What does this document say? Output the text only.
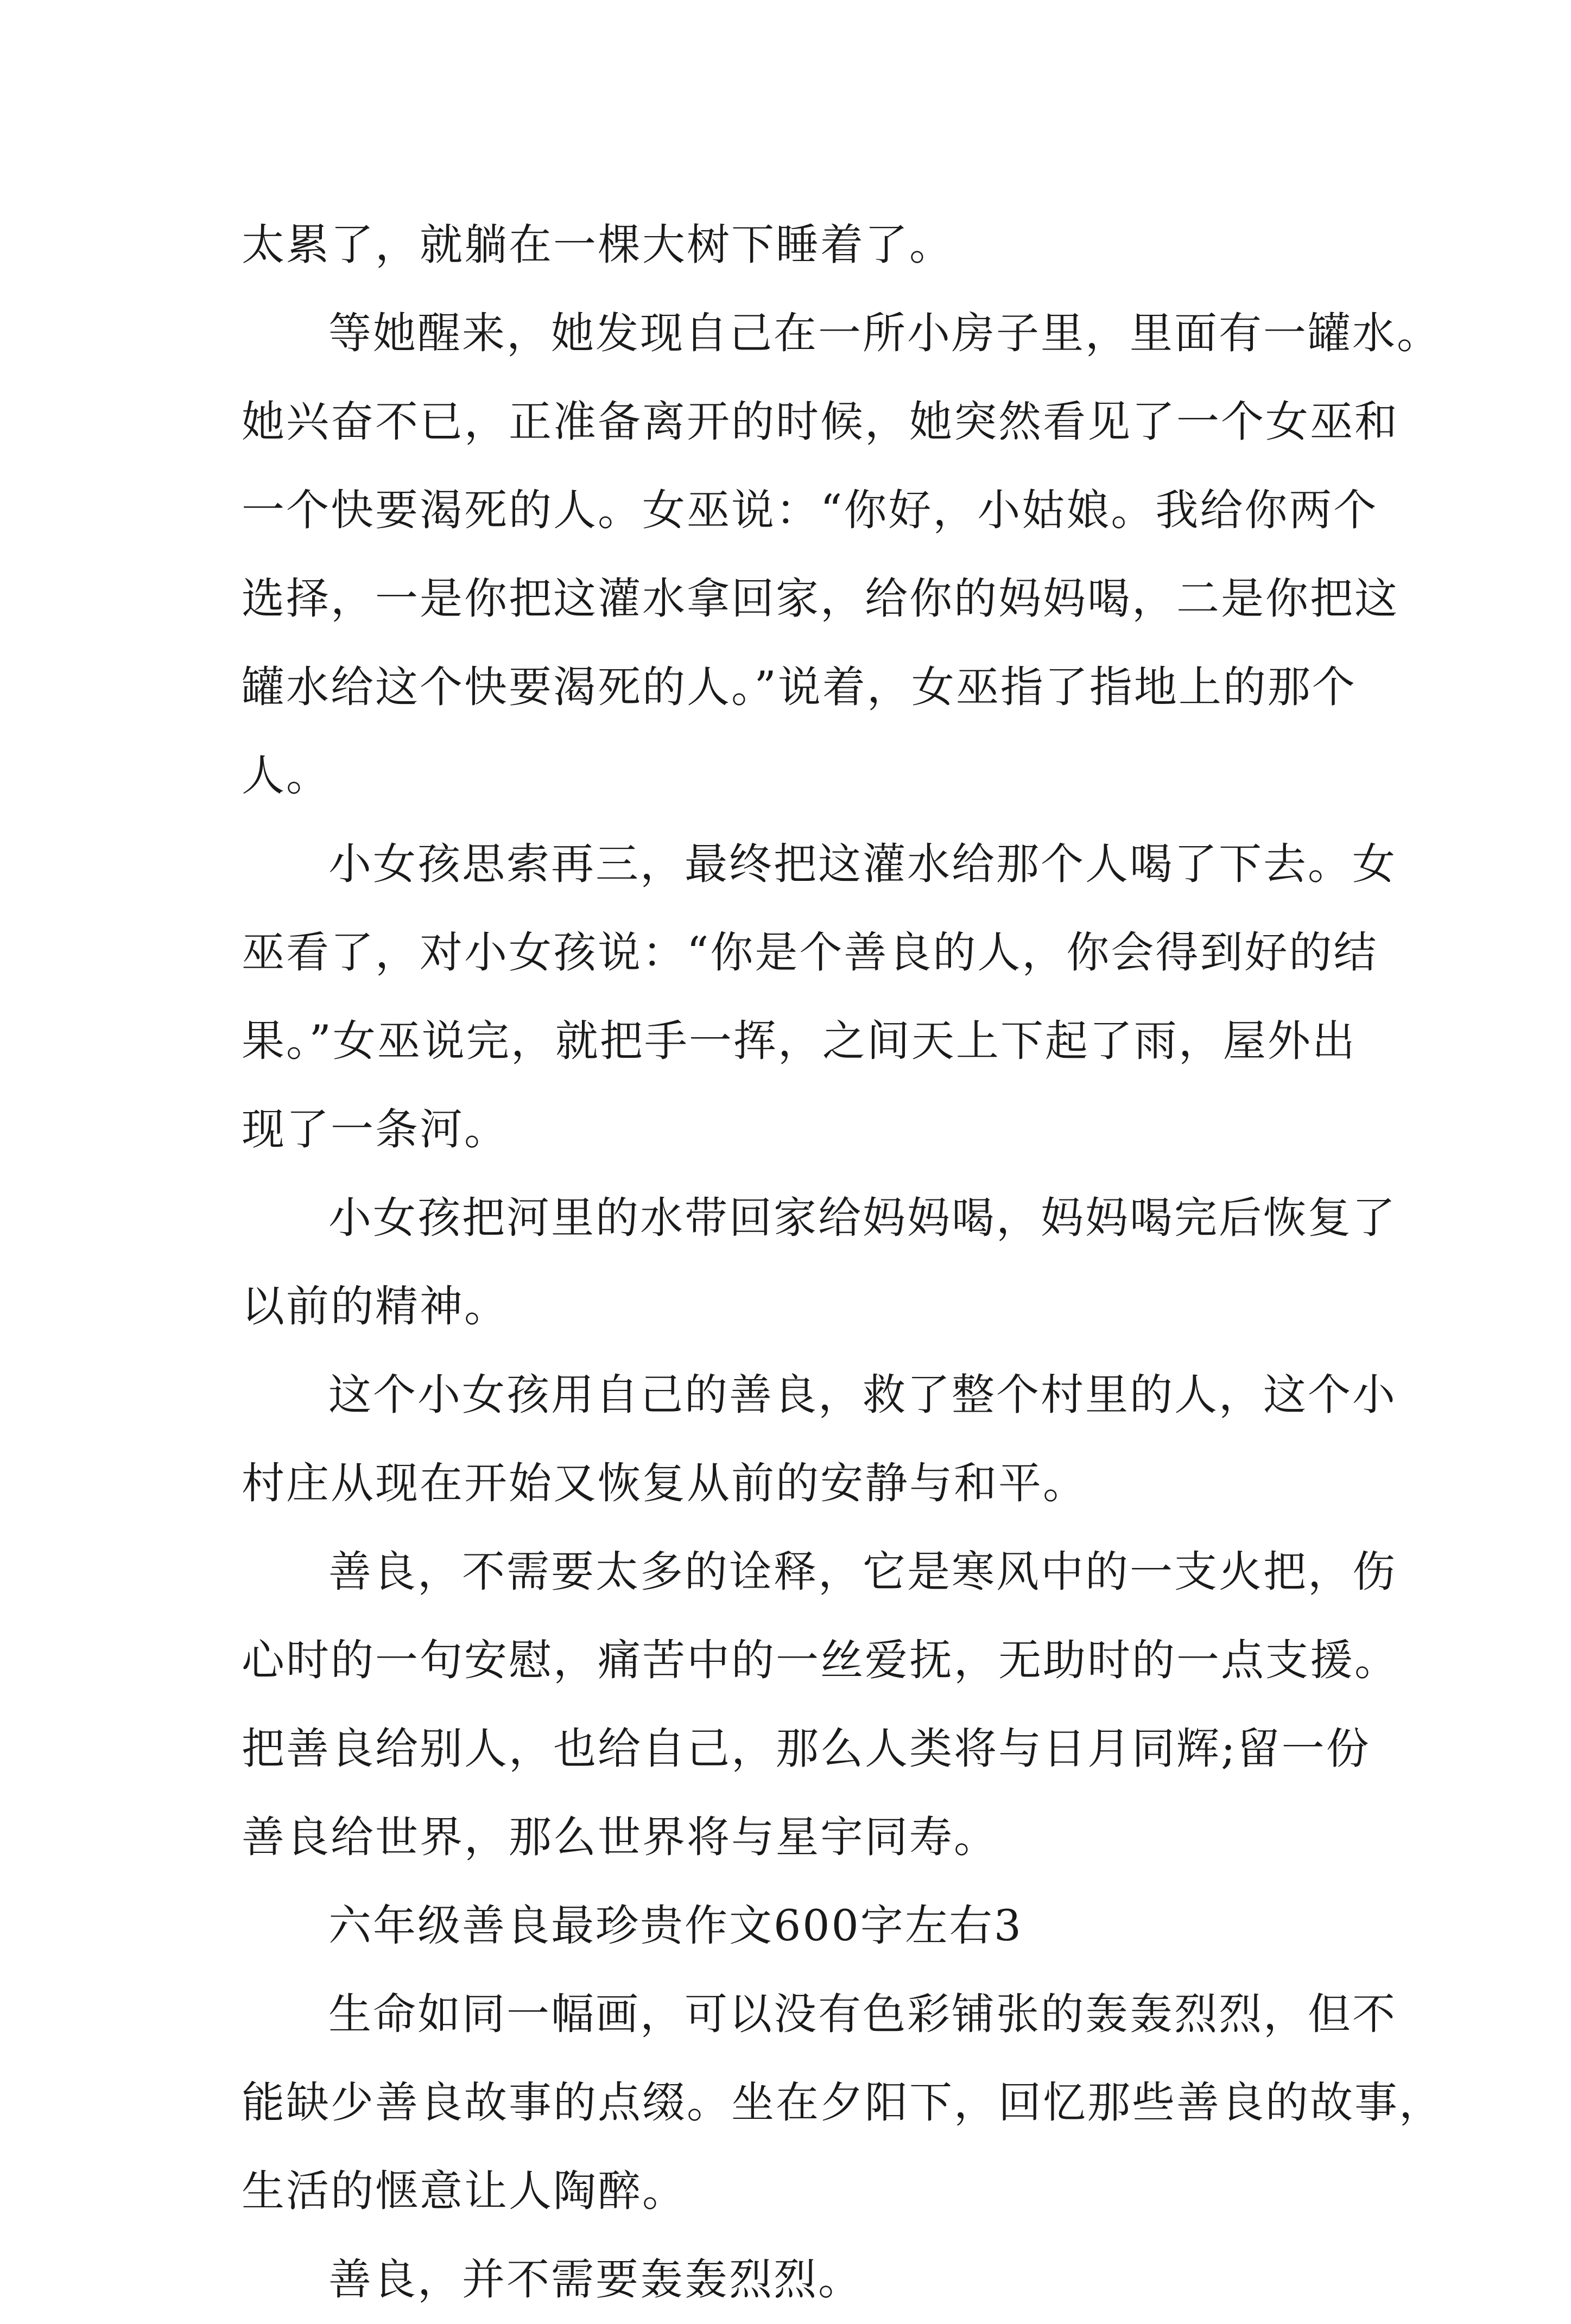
太累了，就躺在一棵大树下睡着了。
等她醒来，她发现自己在一所小房子里，里面有一罐水。
她兴奋不已，正准备离开的时候，她突然看见了一个女巫和
一个快要渴死的人。女巫说：“你好，小姑娘。我给你两个
选择，一是你把这灌水拿回家，给你的妈妈喝，二是你把这
罐水给这个快要渴死的人。”说着，女巫指了指地上的那个
人。
小女孩思索再三，最终把这灌水给那个人喝了下去。女
巫看了，对小女孩说：“你是个善良的人，你会得到好的结
果。”女巫说完，就把手一挥，之间天上下起了雨，屋外出
现了一条河。
小女孩把河里的水带回家给妈妈喝，妈妈喝完后恢复了
以前的精神。
这个小女孩用自己的善良，救了整个村里的人，这个小
村庄从现在开始又恢复从前的安静与和平。
善良，不需要太多的诠释，它是寒风中的一支火把，伤
心时的一句安慰，痛苦中的一丝爱抚，无助时的一点支援。
把善良给别人，也给自己，那么人类将与日月同辉;留一份
善良给世界，那么世界将与星宇同寿。
六年级善良最珍贵作文600字左右3
生命如同一幅画，可以没有色彩铺张的轰轰烈烈，但不
能缺少善良故事的点缀。坐在夕阳下，回忆那些善良的故事，
生活的惬意让人陶醉。
善良，并不需要轰轰烈烈。
